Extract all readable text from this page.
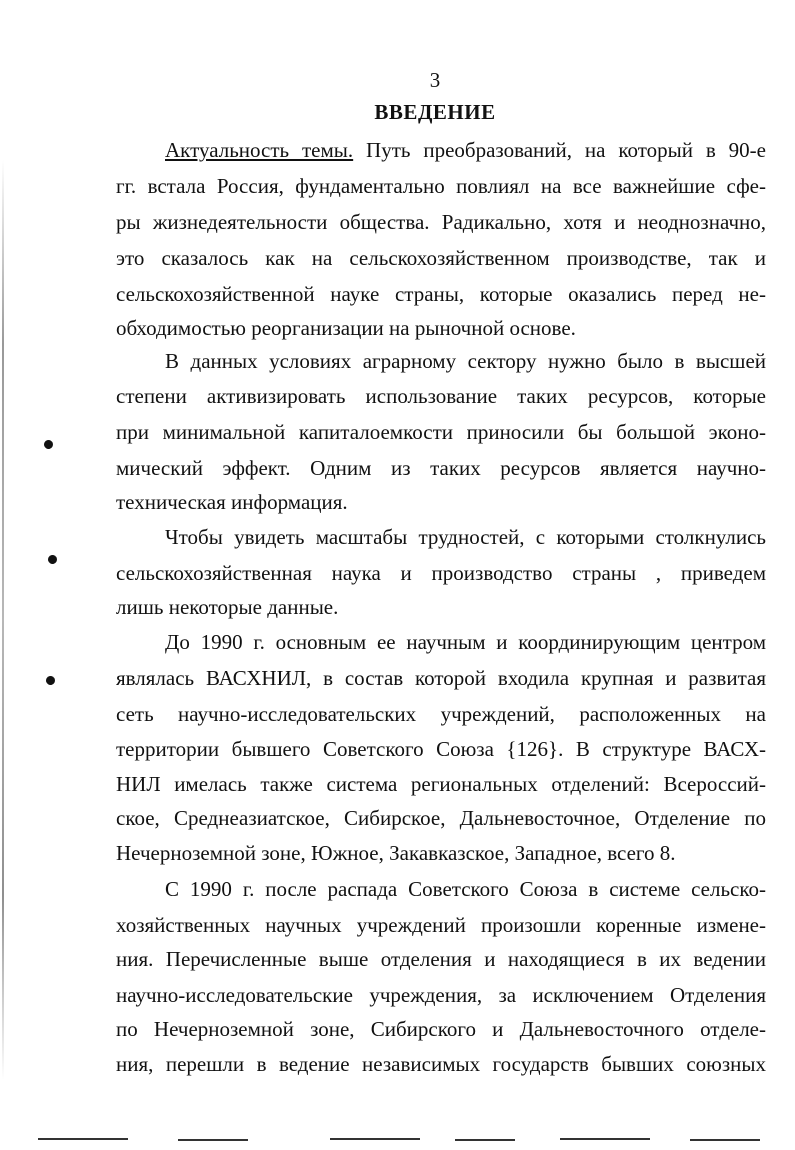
3
ВВЕДЕНИЕ
Актуальность темы. Путь преобразований, на который в 90-е
гг. встала Россия, фундаментально повлиял на все важнейшие сфе-
ры жизнедеятельности общества. Радикально, хотя и неоднозначно,
это сказалось как на сельскохозяйственном производстве, так и
сельскохозяйственной науке страны, которые оказались перед не-
обходимостью реорганизации на рыночной основе.
В данных условиях аграрному сектору нужно было в высшей
степени активизировать использование таких ресурсов, которые
при минимальной капиталоемкости приносили бы большой эконо-
мический эффект. Одним из таких ресурсов является научно-
техническая информация.
Чтобы увидеть масштабы трудностей, с которыми столкнулись
сельскохозяйственная наука и производство страны , приведем
лишь некоторые данные.
До 1990 г. основным ее научным и координирующим центром
являлась ВАСХНИЛ, в состав которой входила крупная и развитая
сеть научно-исследовательских учреждений, расположенных на
территории бывшего Советского Союза {126}. В структуре ВАСХ-
НИЛ имелась также система региональных отделений: Всероссий-
ское, Среднеазиатское, Сибирское, Дальневосточное, Отделение по
Нечерноземной зоне, Южное, Закавказское, Западное, всего 8.
С 1990 г. после распада Советского Союза в системе сельско-
хозяйственных научных учреждений произошли коренные измене-
ния. Перечисленные выше отделения и находящиеся в их ведении
научно-исследовательские учреждения, за исключением Отделения
по Нечерноземной зоне, Сибирского и Дальневосточного отделе-
ния, перешли в ведение независимых государств бывших союзных
